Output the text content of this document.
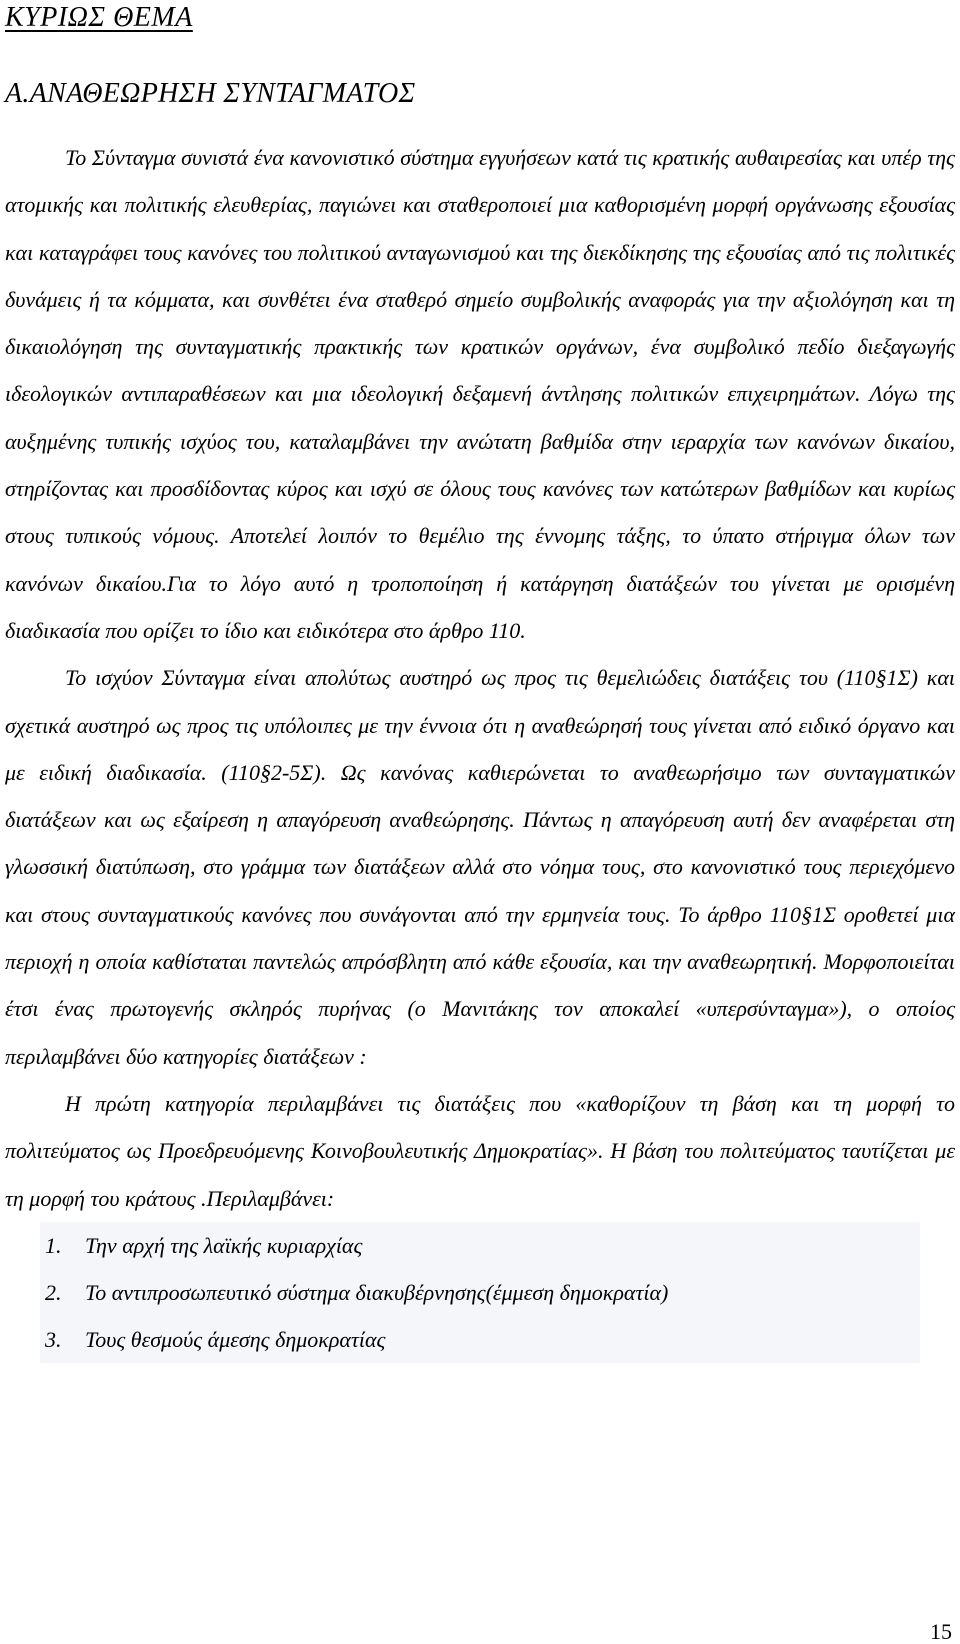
ΚΥΡΙΩΣ ΘΕΜΑ
Α.ΑΝΑΘΕΩΡΗΣΗ ΣΥΝΤΑΓΜΑΤΟΣ

Το Σύνταγμα συνιστά ένα κανονιστικό σύστημα εγγυήσεων κατά τις κρατικής αυθαιρεσίας και υπέρ της ατομικής και πολιτικής ελευθερίας, παγιώνει και σταθεροποιεί μια καθορισμένη μορφή οργάνωσης εξουσίας και καταγράφει τους κανόνες του πολιτικού ανταγωνισμού και της διεκδίκησης της εξουσίας από τις πολιτικές δυνάμεις ή τα κόμματα, και συνθέτει ένα σταθερό σημείο συμβολικής αναφοράς για την αξιολόγηση και τη δικαιολόγηση της συνταγματικής πρακτικής των κρατικών οργάνων, ένα συμβολικό πεδίο διεξαγωγής ιδεολογικών αντιπαραθέσεων και μια ιδεολογική δεξαμενή άντλησης πολιτικών επιχειρημάτων. Λόγω της αυξημένης τυπικής ισχύος του, καταλαμβάνει την ανώτατη βαθμίδα στην ιεραρχία των κανόνων δικαίου, στηρίζοντας και προσδίδοντας κύρος και ισχύ σε όλους τους κανόνες των κατώτερων βαθμίδων και κυρίως στους τυπικούς νόμους. Αποτελεί λοιπόν το θεμέλιο της έννομης τάξης, το ύπατο στήριγμα όλων των κανόνων δικαίου.Για το λόγο αυτό η τροποποίηση ή κατάργηση διατάξεών του γίνεται με ορισμένη διαδικασία που ορίζει το ίδιο και ειδικότερα στο άρθρο 110.

Το ισχύον Σύνταγμα είναι απολύτως αυστηρό ως προς τις θεμελιώδεις διατάξεις του (110§1Σ) και σχετικά αυστηρό ως προς τις υπόλοιπες με την έννοια ότι η αναθεώρησή τους γίνεται από ειδικό όργανο και με ειδική διαδικασία. (110§2-5Σ). Ως κανόνας καθιερώνεται το αναθεωρήσιμο των συνταγματικών διατάξεων και ως εξαίρεση η απαγόρευση αναθεώρησης. Πάντως η απαγόρευση αυτή δεν αναφέρεται στη γλωσσική διατύπωση, στο γράμμα των διατάξεων αλλά στο νόημα τους, στο κανονιστικό τους περιεχόμενο και στους συνταγματικούς κανόνες που συνάγονται από την ερμηνεία τους. Το άρθρο 110§1Σ οροθετεί μια περιοχή η οποία καθίσταται παντελώς απρόσβλητη από κάθε εξουσία, και την αναθεωρητική. Μορφοποιείται έτσι ένας πρωτογενής σκληρός πυρήνας (ο Μανιτάκης τον αποκαλεί «υπερσύνταγμα»), ο οποίος περιλαμβάνει δύο κατηγορίες διατάξεων :

Η πρώτη κατηγορία περιλαμβάνει τις διατάξεις που «καθορίζουν τη βάση και τη μορφή το πολιτεύματος ως Προεδρευόμενης Κοινοβουλευτικής Δημοκρατίας». Η βάση του πολιτεύματος ταυτίζεται με τη μορφή του κράτους .Περιλαμβάνει:

1. Την αρχή της λαϊκής κυριαρχίας
2. Το αντιπροσωπευτικό σύστημα διακυβέρνησης(έμμεση δημοκρατία)
3. Τους θεσμούς άμεσης δημοκρατίας
15
